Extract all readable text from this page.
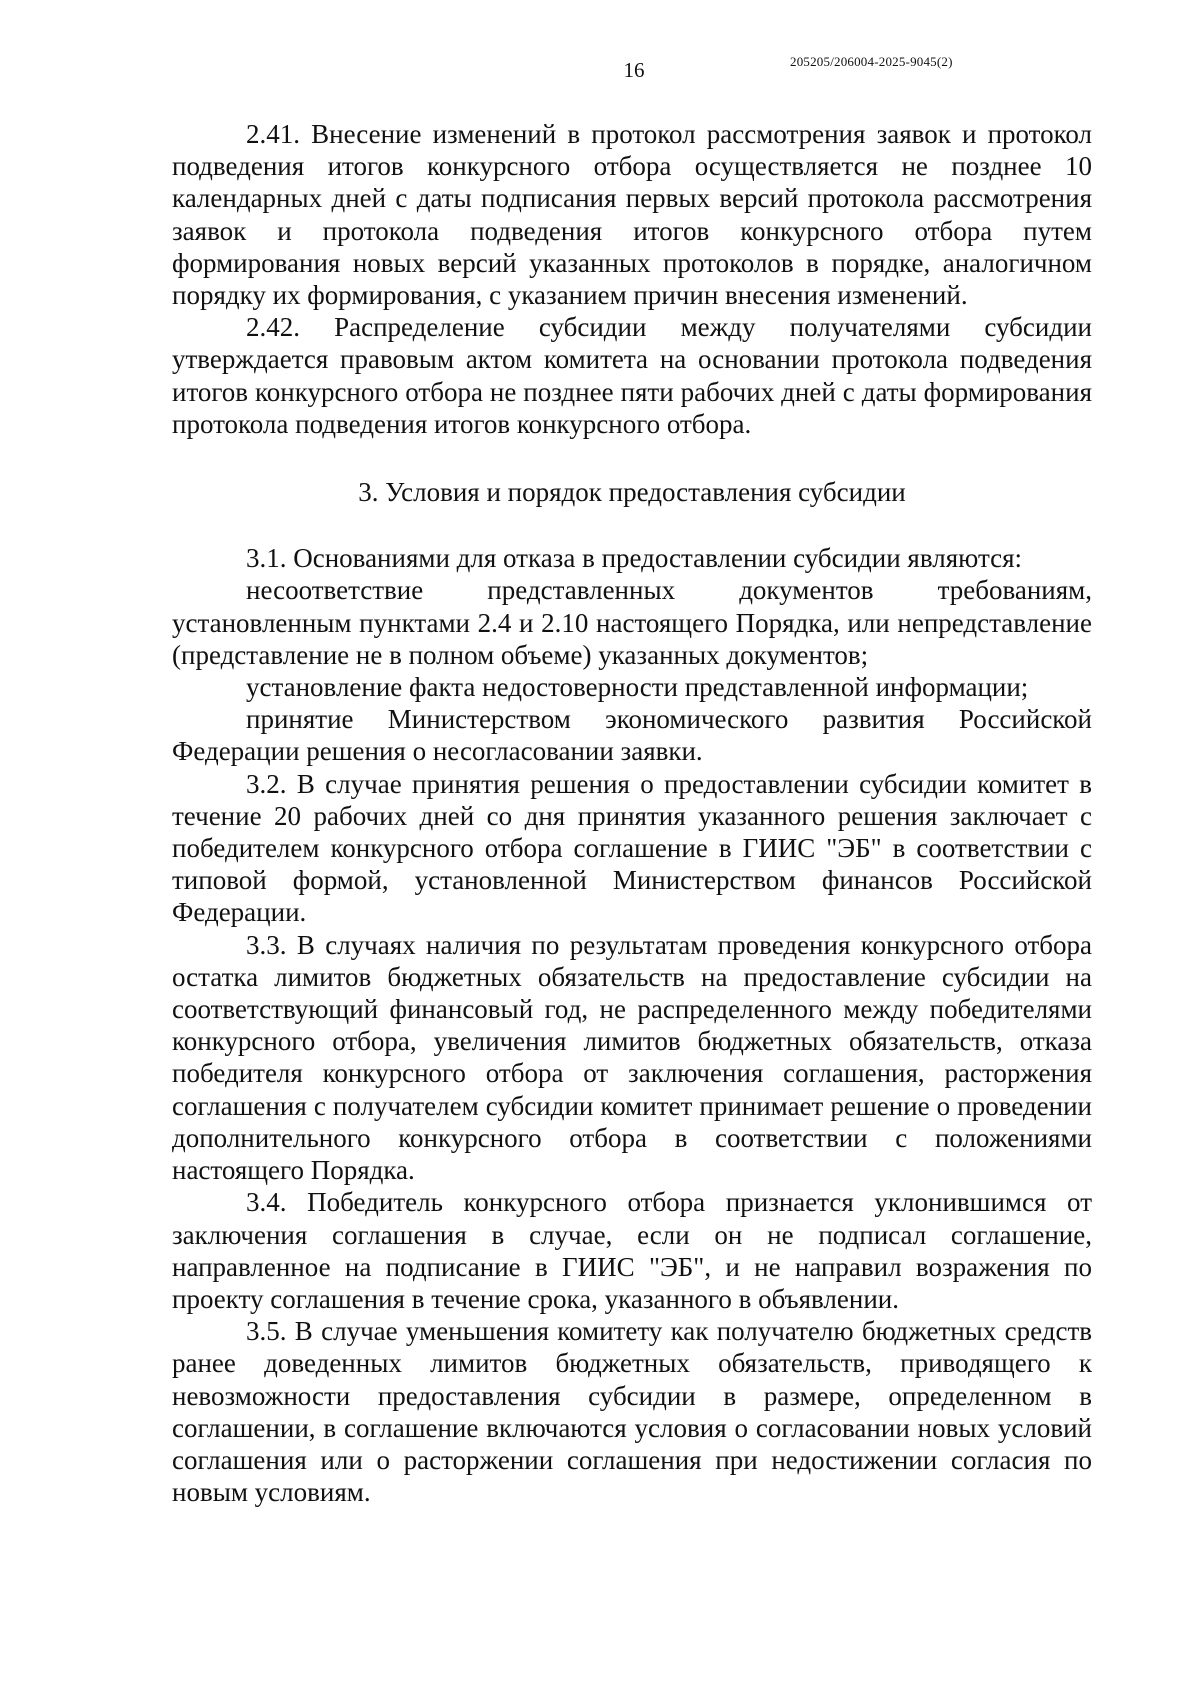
16	205205/206004-2025-9045(2)

2.41. Внесение изменений в протокол рассмотрения заявок и протокол подведения итогов конкурсного отбора осуществляется не позднее 10 календарных дней с даты подписания первых версий протокола рассмотрения заявок и протокола подведения итогов конкурсного отбора путем формирования новых версий указанных протоколов в порядке, аналогичном порядку их формирования, с указанием причин внесения изменений.

2.42. Распределение субсидии между получателями субсидии утверждается правовым актом комитета на основании протокола подведения итогов конкурсного отбора не позднее пяти рабочих дней с даты формирования протокола подведения итогов конкурсного отбора.

3. Условия и порядок предоставления субсидии

3.1. Основаниями для отказа в предоставлении субсидии являются:

несоответствие представленных документов требованиям, установленным пунктами 2.4 и 2.10 настоящего Порядка, или непредставление (представление не в полном объеме) указанных документов;

установление факта недостоверности представленной информации;

принятие Министерством экономического развития Российской Федерации решения о несогласовании заявки.

3.2. В случае принятия решения о предоставлении субсидии комитет в течение 20 рабочих дней со дня принятия указанного решения заключает с победителем конкурсного отбора соглашение в ГИИС "ЭБ" в соответствии с типовой формой, установленной Министерством финансов Российской Федерации.

3.3. В случаях наличия по результатам проведения конкурсного отбора остатка лимитов бюджетных обязательств на предоставление субсидии на соответствующий финансовый год, не распределенного между победителями конкурсного отбора, увеличения лимитов бюджетных обязательств, отказа победителя конкурсного отбора от заключения соглашения, расторжения соглашения с получателем субсидии комитет принимает решение о проведении дополнительного конкурсного отбора в соответствии с положениями настоящего Порядка.

3.4. Победитель конкурсного отбора признается уклонившимся от заключения соглашения в случае, если он не подписал соглашение, направленное на подписание в ГИИС "ЭБ", и не направил возражения по проекту соглашения в течение срока, указанного в объявлении.

3.5. В случае уменьшения комитету как получателю бюджетных средств ранее доведенных лимитов бюджетных обязательств, приводящего к невозможности предоставления субсидии в размере, определенном в соглашении, в соглашение включаются условия о согласовании новых условий соглашения или о расторжении соглашения при недостижении согласия по новым условиям.
